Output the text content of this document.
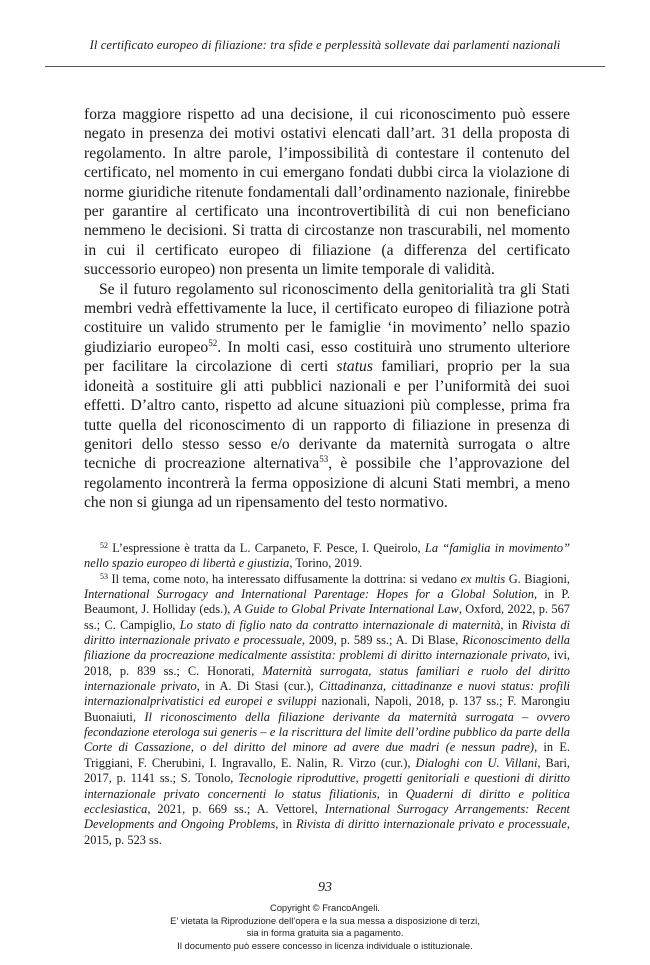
Il certificato europeo di filiazione: tra sfide e perplessità sollevate dai parlamenti nazionali

forza maggiore rispetto ad una decisione, il cui riconoscimento può essere negato in presenza dei motivi ostativi elencati dall’art. 31 della proposta di regolamento. In altre parole, l’impossibilità di contestare il contenuto del certificato, nel momento in cui emergano fondati dubbi circa la violazione di norme giuridiche ritenute fondamentali dall’ordinamento nazionale, finirebbe per garantire al certificato una incontrovertibilità di cui non beneficiano nemmeno le decisioni. Si tratta di circostanze non trascurabili, nel momento in cui il certificato europeo di filiazione (a differenza del certificato successorio europeo) non presenta un limite temporale di validità.

Se il futuro regolamento sul riconoscimento della genitorialità tra gli Stati membri vedrà effettivamente la luce, il certificato europeo di filiazione potrà costituire un valido strumento per le famiglie ‘in movimento’ nello spazio giudiziario europeo$^{52}$. In molti casi, esso costituirà uno strumento ulteriore per facilitare la circolazione di certi status familiari, proprio per la sua idoneità a sostituire gli atti pubblici nazionali e per l’uniformità dei suoi effetti. D’altro canto, rispetto ad alcune situazioni più complesse, prima fra tutte quella del riconoscimento di un rapporto di filiazione in presenza di genitori dello stesso sesso e/o derivante da maternità surrogata o altre tecniche di procreazione alternativa$^{53}$, è possibile che l’approvazione del regolamento incontrerà la ferma opposizione di alcuni Stati membri, a meno che non si giunga ad un ripensamento del testo normativo.

$^{52}$ L’espressione è tratta da L. Carpaneto, F. Pesce, I. Queirolo, La “famiglia in movimento” nello spazio europeo di libertà e giustizia, Torino, 2019.

$^{53}$ Il tema, come noto, ha interessato diffusamente la dottrina: si vedano ex multis G. Biagioni, International Surrogacy and International Parentage: Hopes for a Global Solution, in P. Beaumont, J. Holliday (eds.), A Guide to Global Private International Law, Oxford, 2022, p. 567 ss.; C. Campiglio, Lo stato di figlio nato da contratto internazionale di maternità, in Rivista di diritto internazionale privato e processuale, 2009, p. 589 ss.; A. Di Blase, Riconoscimento della filiazione da procreazione medicalmente assistita: problemi di diritto internazionale privato, ivi, 2018, p. 839 ss.; C. Honorati, Maternità surrogata, status familiari e ruolo del diritto internazionale privato, in A. Di Stasi (cur.), Cittadinanza, cittadinanze e nuovi status: profili internazionalprivatistici ed europei e sviluppi nazionali, Napoli, 2018, p. 137 ss.; F. Marongiu Buonaiuti, Il riconoscimento della filiazione derivante da maternità surrogata – ovvero fecondazione eterologa sui generis – e la riscrittura del limite dell’ordine pubblico da parte della Corte di Cassazione, o del diritto del minore ad avere due madri (e nessun padre), in E. Triggiani, F. Cherubini, I. Ingravallo, E. Nalin, R. Virzo (cur.), Dialoghi con U. Villani, Bari, 2017, p. 1141 ss.; S. Tonolo, Tecnologie riproduttive, progetti genitoriali e questioni di diritto internazionale privato concernenti lo status filiationis, in Quaderni di diritto e politica ecclesiastica, 2021, p. 669 ss.; A. Vettorel, International Surrogacy Arrangements: Recent Developments and Ongoing Problems, in Rivista di diritto internazionale privato e processuale, 2015, p. 523 ss.

93
Copyright © FrancoAngeli.
E’ vietata la Riproduzione dell’opera e la sua messa a disposizione di terzi,
sia in forma gratuita sia a pagamento.
Il documento può essere concesso in licenza individuale o istituzionale.
